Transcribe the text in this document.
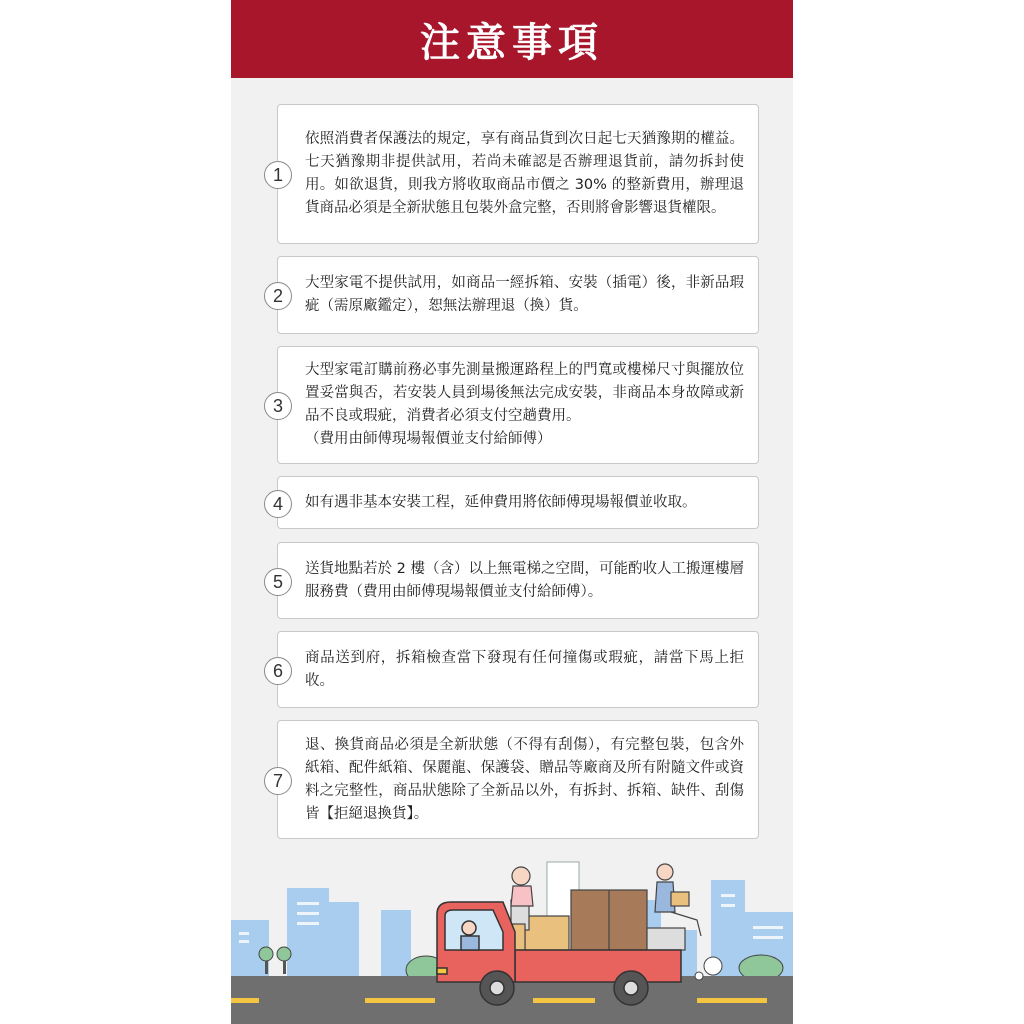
注意事項
1
依照消費者保護法的規定，享有商品貨到次日起七天猶豫期的權益。七天猶豫期非提供試用，若尚未確認是否辦理退貨前，請勿拆封使用。如欲退貨，則我方將收取商品市價之 30% 的整新費用，辦理退貨商品必須是全新狀態且包裝外盒完整，否則將會影響退貨權限。
2
大型家電不提供試用，如商品一經拆箱、安裝（插電）後，非新品瑕疵（需原廠鑑定），恕無法辦理退（換）貨。
3
大型家電訂購前務必事先測量搬運路程上的門寬或樓梯尺寸與擺放位置妥當與否，若安裝人員到場後無法完成安裝，非商品本身故障或新品不良或瑕疵，消費者必須支付空趟費用。
（費用由師傅現場報價並支付給師傅）
4	如有遇非基本安裝工程，延伸費用將依師傅現場報價並收取。
5
送貨地點若於 2 樓（含）以上無電梯之空間，可能酌收人工搬運樓層服務費（費用由師傅現場報價並支付給師傅）。
6
商品送到府，拆箱檢查當下發現有任何撞傷或瑕疵，請當下馬上拒收。
7
退、換貨商品必須是全新狀態（不得有刮傷），有完整包裝，包含外紙箱、配件紙箱、保麗龍、保護袋、贈品等廠商及所有附隨文件或資料之完整性，商品狀態除了全新品以外，有拆封、拆箱、缺件、刮傷皆【拒絕退換貨】。
